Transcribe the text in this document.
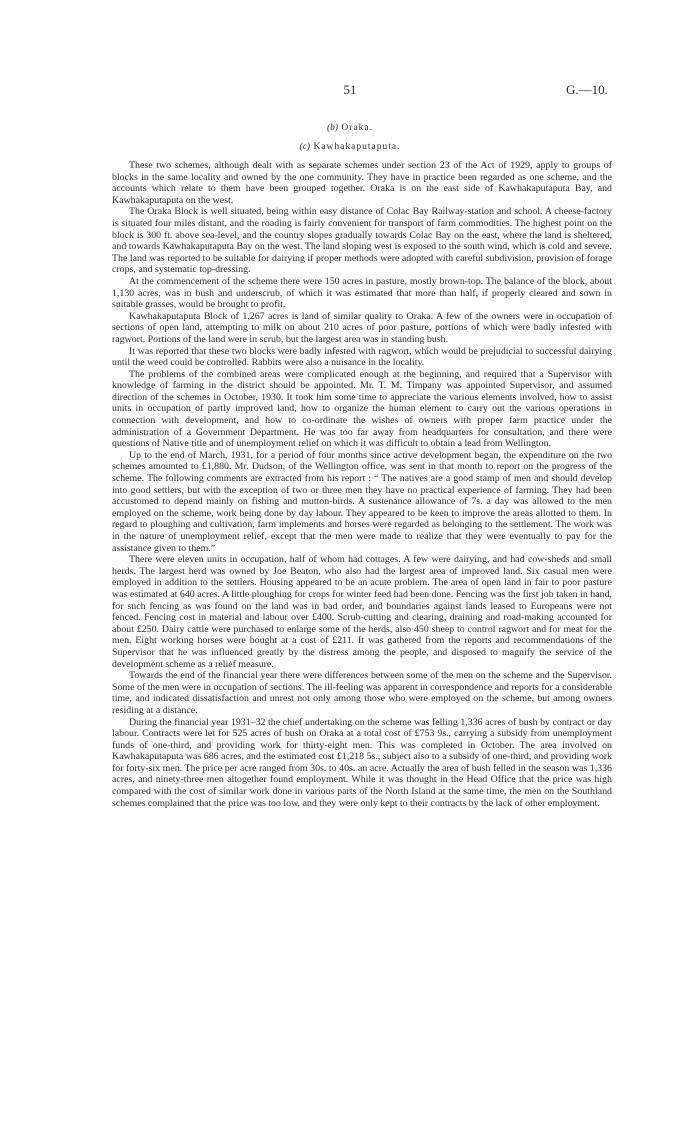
51	G.—10.

(b) Oraka.

(c) Kawhakaputaputa.

These two schemes, although dealt with as separate schemes under section 23 of the Act of 1929, apply to groups of blocks in the same locality and owned by the one community. They have in practice been regarded as one scheme, and the accounts which relate to them have been grouped together. Oraka is on the east side of Kawhakaputaputa Bay, and Kawhakaputaputa on the west.

The Oraka Block is well situated, being within easy distance of Colac Bay Railway-station and school. A cheese-factory is situated four miles distant, and the roading is fairly convenient for transport of farm commodities. The highest point on the block is 300 ft. above sea-level, and the country slopes gradually towards Colac Bay on the east, where the land is sheltered, and towards Kawhakaputaputa Bay on the west. The land sloping west is exposed to the south wind, which is cold and severe. The land was reported to be suitable for dairying if proper methods were adopted with careful subdivision, provision of forage crops, and systematic top-dressing.

At the commencement of the scheme there were 150 acres in pasture, mostly brown-top. The balance of the block, about 1,130 acres, was in bush and underscrub, of which it was estimated that more than half, if properly cleared and sown in suitable grasses, would be brought to profit.

Kawhakaputaputa Block of 1,267 acres is land of similar quality to Oraka. A few of the owners were in occupation of sections of open land, attempting to milk on about 210 acres of poor pasture, portions of which were badly infested with ragwort. Portions of the land were in scrub, but the largest area was in standing bush.

It was reported that these two blocks were badly infested with ragwort, which would be prejudicial to successful dairying until the weed could be controlled. Rabbits were also a nuisance in the locality.

The problems of the combined areas were complicated enough at the beginning, and required that a Supervisor with knowledge of farming in the district should be appointed. Mr. T. M. Timpany was appointed Supervisor, and assumed direction of the schemes in October, 1930. It took him some time to appreciate the various elements involved, how to assist units in occupation of partly improved land, how to organize the human element to carry out the various operations in connection with development, and how to co-ordinate the wishes of owners with proper farm practice under the administration of a Government Department. He was too far away from headquarters for consultation, and there were questions of Native title and of unemployment relief on which it was difficult to obtain a lead from Wellington.

Up to the end of March, 1931, for a period of four months since active development began, the expenditure on the two schemes amounted to £1,880. Mr. Dudson, of the Wellington office, was sent in that month to report on the progress of the scheme. The following comments are extracted from his report : “ The natives are a good stamp of men and should develop into good settlers, but with the exception of two or three men they have no practical experience of farming. They had been accustomed to depend mainly on fishing and mutton-birds. A sustenance allowance of 7s. a day was allowed to the men employed on the scheme, work being done by day labour. They appeared to be keen to improve the areas allotted to them. In regard to ploughing and cultivation, farm implements and horses were regarded as belonging to the settlement. The work was in the nature of unemployment relief, except that the men were made to realize that they were eventually to pay for the assistance given to them.”

There were eleven units in occupation, half of whom had cottages. A few were dairying, and had cow-sheds and small herds. The largest herd was owned by Joe Beaton, who also had the largest area of improved land. Six casual men were employed in addition to the settlers. Housing appeared to be an acute problem. The area of open land in fair to poor pasture was estimated at 640 acres. A little ploughing for crops for winter feed had been done. Fencing was the first job taken in hand, for such fencing as was found on the land was in bad order, and boundaries against lands leased to Europeans were not fenced. Fencing cost in material and labour over £400. Scrub-cutting and clearing, draining and road-making accounted for about £250. Dairy cattle were purchased to enlarge some of the herds, also 450 sheep to control ragwort and for meat for the men. Eight working horses were bought at a cost of £211. It was gathered from the reports and recommendations of the Supervisor that he was influenced greatly by the distress among the people, and disposed to magnify the service of the development scheme as a relief measure.

Towards the end of the financial year there were differences between some of the men on the scheme and the Supervisor. Some of the men were in occupation of sections. The ill-feeling was apparent in correspondence and reports for a considerable time, and indicated dissatisfaction and unrest not only among those who were employed on the scheme, but among owners residing at a distance.

During the financial year 1931–32 the chief undertaking on the scheme was felling 1,336 acres of bush by contract or day labour. Contracts were let for 525 acres of bush on Oraka at a total cost of £753 9s., carrying a subsidy from unemployment funds of one-third, and providing work for thirty-eight men. This was completed in October. The area involved on Kawhakaputaputa was 686 acres, and the estimated cost £1,218 5s., subject also to a subsidy of one-third, and providing work for forty-six men. The price per acre ranged from 30s. to 40s. an acre. Actually the area of bush felled in the season was 1,336 acres, and ninety-three men altogether found employment. While it was thought in the Head Office that the price was high compared with the cost of similar work done in various parts of the North Island at the same time, the men on the Southland schemes complained that the price was too low, and they were only kept to their contracts by the lack of other employment.
